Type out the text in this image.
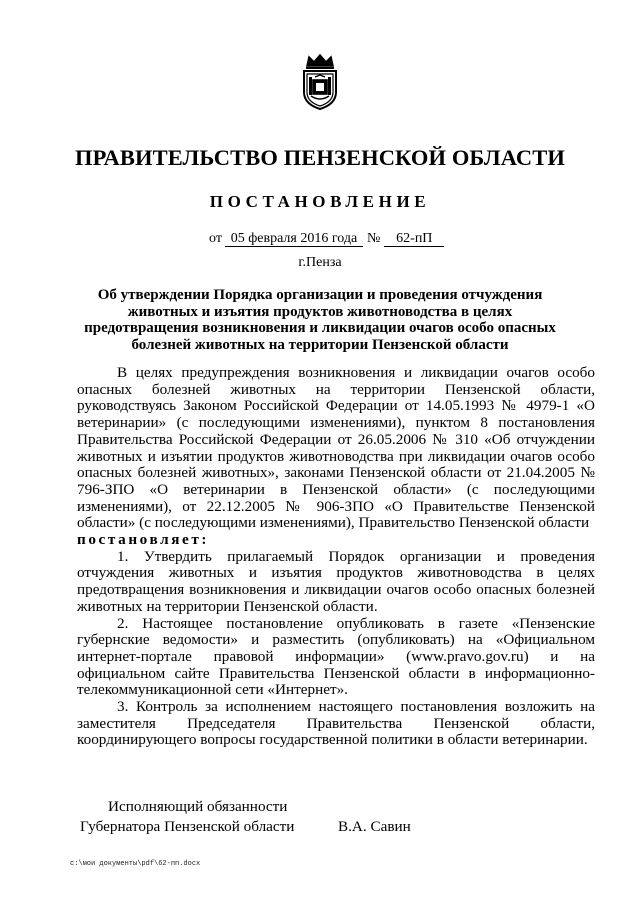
ПРАВИТЕЛЬСТВО ПЕНЗЕНСКОЙ ОБЛАСТИ
ПОСТАНОВЛЕНИЕ
от 05 февраля 2016 года № 62-пП
г.Пенза
Об утверждении Порядка организации и проведения отчуждения животных и изъятия продуктов животноводства в целях предотвращения возникновения и ликвидации очагов особо опасных болезней животных на территории Пензенской области

В целях предупреждения возникновения и ликвидации очагов особо опасных болезней животных на территории Пензенской области, руководствуясь Законом Российской Федерации от 14.05.1993 № 4979-1 «О ветеринарии» (с последующими изменениями), пунктом 8 постановления Правительства Российской Федерации от 26.05.2006 № 310 «Об отчуждении животных и изъятии продуктов животноводства при ликвидации очагов особо опасных болезней животных», законами Пензенской области от 21.04.2005 № 796-ЗПО «О ветеринарии в Пензенской области» (с последующими изменениями), от 22.12.2005 № 906-ЗПО «О Правительстве Пензенской области» (с последующими изменениями), Правительство Пензенской области

постановляет:

1. Утвердить прилагаемый Порядок организации и проведения отчуждения животных и изъятия продуктов животноводства в целях предотвращения возникновения и ликвидации очагов особо опасных болезней животных на территории Пензенской области.

2. Настоящее постановление опубликовать в газете «Пензенские губернские ведомости» и разместить (опубликовать) на «Официальном интернет-портале правовой информации» (www.pravo.gov.ru) и на официальном сайте Правительства Пензенской области в информационно-телекоммуникационной сети «Интернет».

3. Контроль за исполнением настоящего постановления возложить на заместителя Председателя Правительства Пензенской области, координирующего вопросы государственной политики в области ветеринарии.

Исполняющий обязанности
Губернатора Пензенской области	В.А. Савин
c:\мои документы\pdf\62-пп.docx
